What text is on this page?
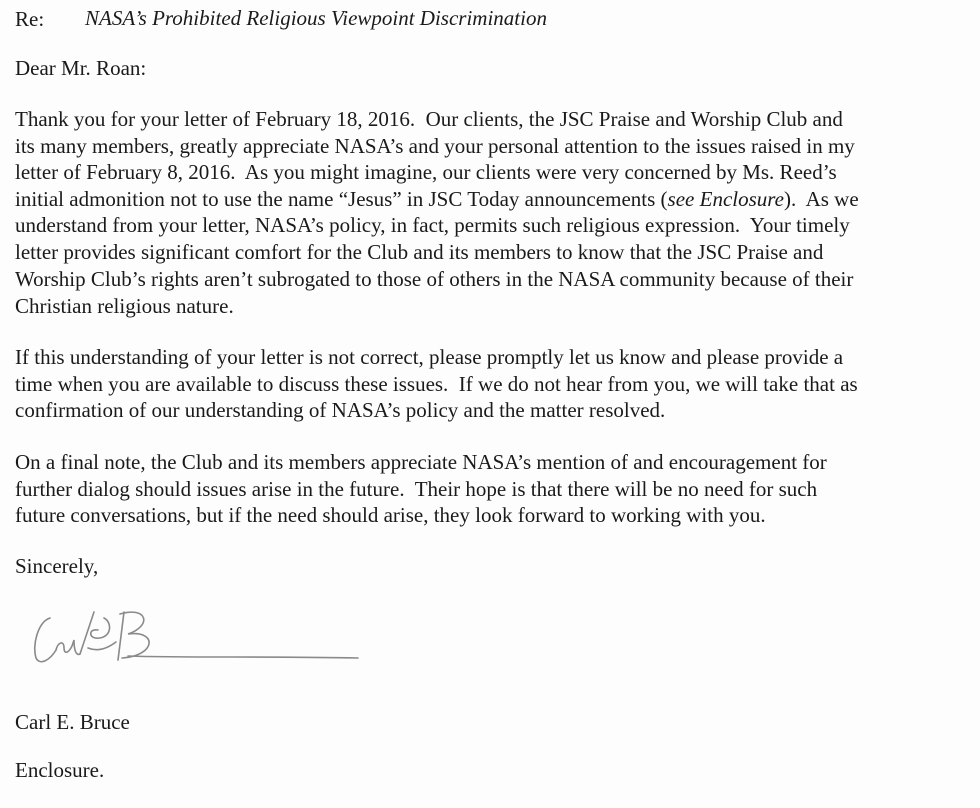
Re: NASA’s Prohibited Religious Viewpoint Discrimination
Dear Mr. Roan:
Thank you for your letter of February 18, 2016.  Our clients, the JSC Praise and Worship Club and
its many members, greatly appreciate NASA’s and your personal attention to the issues raised in my
letter of February 8, 2016.  As you might imagine, our clients were very concerned by Ms. Reed’s
initial admonition not to use the name “Jesus” in JSC Today announcements (see Enclosure).  As we
understand from your letter, NASA’s policy, in fact, permits such religious expression.  Your timely
letter provides significant comfort for the Club and its members to know that the JSC Praise and
Worship Club’s rights aren’t subrogated to those of others in the NASA community because of their
Christian religious nature.
If this understanding of your letter is not correct, please promptly let us know and please provide a
time when you are available to discuss these issues.  If we do not hear from you, we will take that as
confirmation of our understanding of NASA’s policy and the matter resolved.
On a final note, the Club and its members appreciate NASA’s mention of and encouragement for
further dialog should issues arise in the future.  Their hope is that there will be no need for such
future conversations, but if the need should arise, they look forward to working with you.
Sincerely,
Carl E. Bruce
Enclosure.
